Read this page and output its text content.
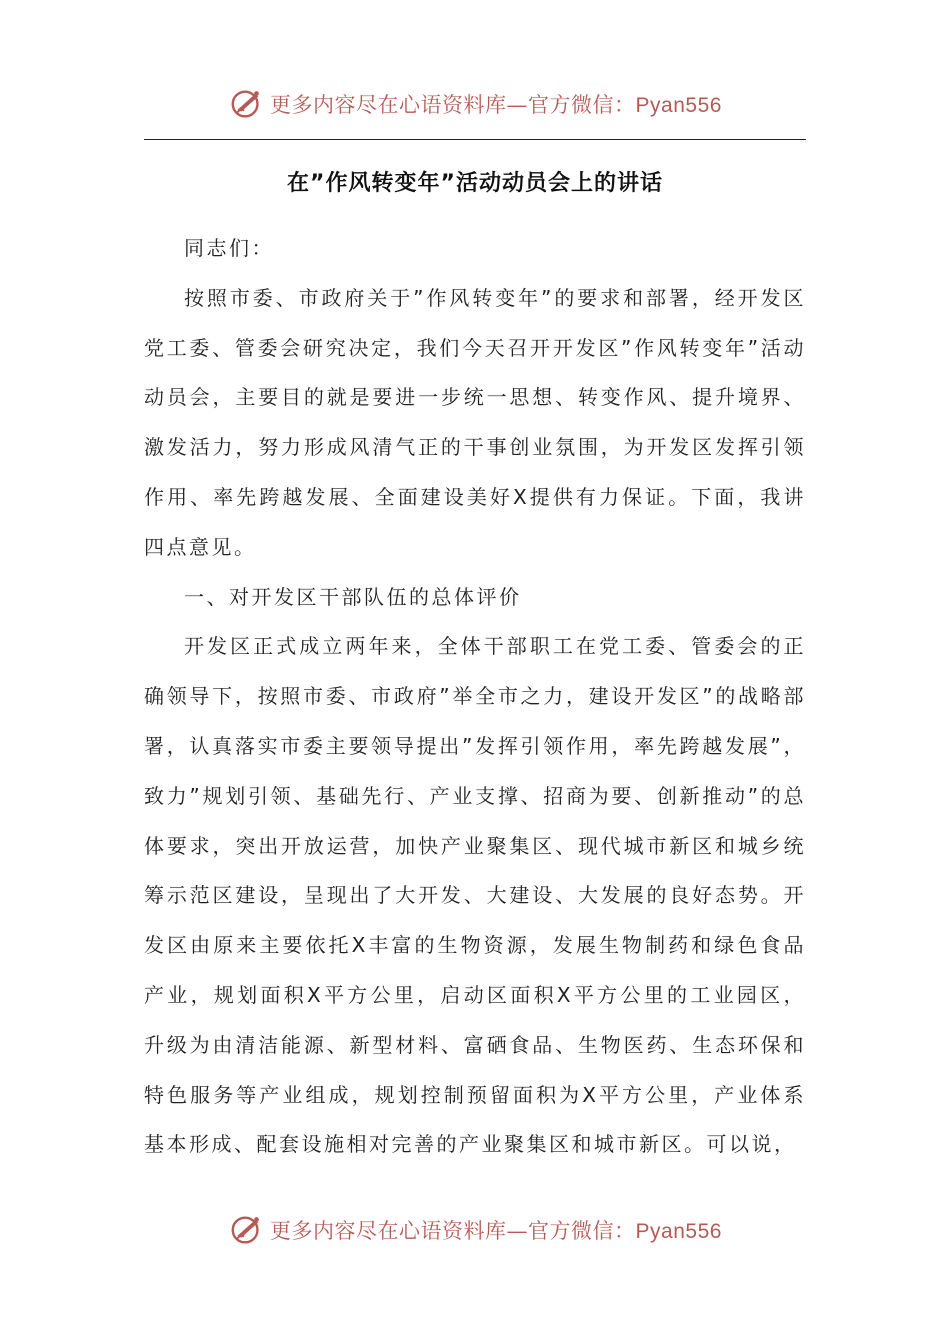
更多内容尽在心语资料库—官方微信：Pyan556
在”作风转变年”活动动员会上的讲话

同志们：

按照市委、市政府关于”作风转变年”的要求和部署，经开发区党工委、管委会研究决定，我们今天召开开发区”作风转变年”活动动员会，主要目的就是要进一步统一思想、转变作风、提升境界、激发活力，努力形成风清气正的干事创业氛围，为开发区发挥引领作用、率先跨越发展、全面建设美好X提供有力保证。下面，我讲四点意见。

一、对开发区干部队伍的总体评价

开发区正式成立两年来，全体干部职工在党工委、管委会的正确领导下，按照市委、市政府”举全市之力，建设开发区”的战略部署，认真落实市委主要领导提出”发挥引领作用，率先跨越发展”，致力”规划引领、基础先行、产业支撑、招商为要、创新推动”的总体要求，突出开放运营，加快产业聚集区、现代城市新区和城乡统筹示范区建设，呈现出了大开发、大建设、大发展的良好态势。开发区由原来主要依托X丰富的生物资源，发展生物制药和绿色食品产业，规划面积X平方公里，启动区面积X平方公里的工业园区，升级为由清洁能源、新型材料、富硒食品、生物医药、生态环保和特色服务等产业组成，规划控制预留面积为X平方公里，产业体系基本形成、配套设施相对完善的产业聚集区和城市新区。可以说，

更多内容尽在心语资料库—官方微信：Pyan556
